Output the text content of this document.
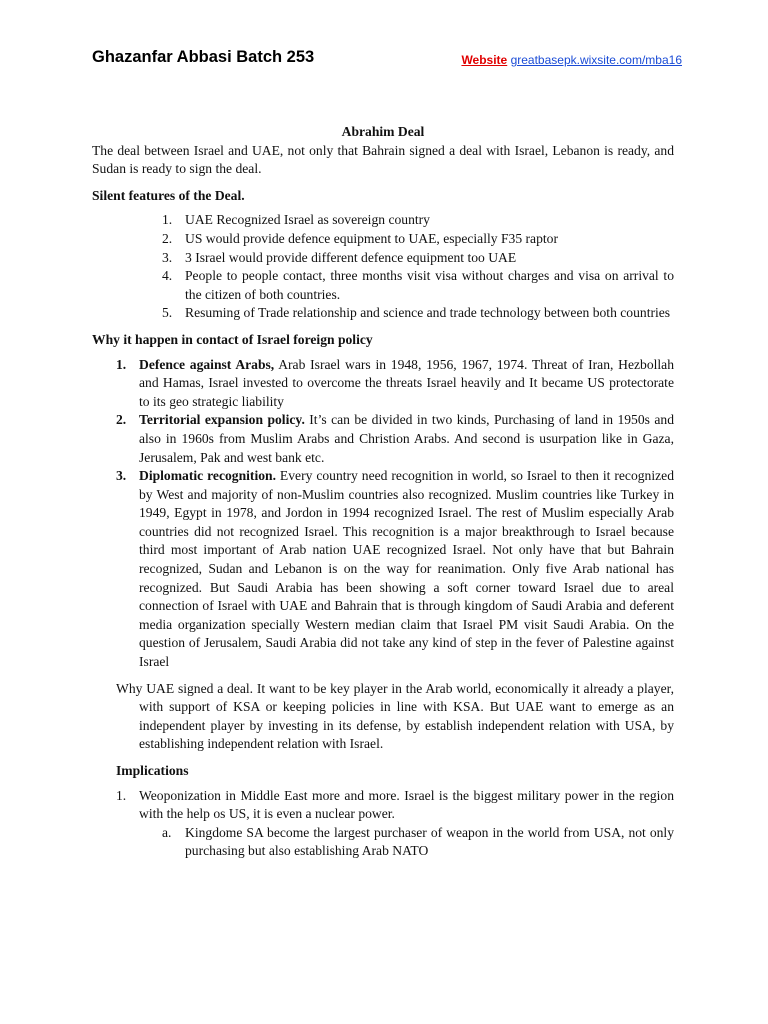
Ghazanfar Abbasi Batch 253	Website greatbasepk.wixsite.com/mba16

Abrahim Deal

The deal between Israel and UAE, not only that Bahrain signed a deal with Israel, Lebanon is ready, and Sudan is ready to sign the deal.

Silent features of the Deal.

1. UAE Recognized Israel as sovereign country
2. US would provide defence equipment to UAE, especially F35 raptor
3. 3 Israel would provide different defence equipment too UAE
4. People to people contact, three months visit visa without charges and visa on arrival to the citizen of both countries.
5. Resuming of Trade relationship and science and trade technology between both countries

Why it happen in contact of Israel foreign policy

1. Defence against Arabs, Arab Israel wars in 1948, 1956, 1967, 1974. Threat of Iran, Hezbollah and Hamas, Israel invested to overcome the threats Israel heavily and It became US protectorate to its geo strategic liability
2. Territorial expansion policy. It’s can be divided in two kinds, Purchasing of land in 1950s and also in 1960s from Muslim Arabs and Christion Arabs. And second is usurpation like in Gaza, Jerusalem, Pak and west bank etc.
3. Diplomatic recognition. Every country need recognition in world, so Israel to then it recognized by West and majority of non-Muslim countries also recognized. Muslim countries like Turkey in 1949, Egypt in 1978, and Jordon in 1994 recognized Israel. The rest of Muslim especially Arab countries did not recognized Israel. This recognition is a major breakthrough to Israel because third most important of Arab nation UAE recognized Israel. Not only have that but Bahrain recognized, Sudan and Lebanon is on the way for reanimation. Only five Arab national has recognized. But Saudi Arabia has been showing a soft corner toward Israel due to areal connection of Israel with UAE and Bahrain that is through kingdom of Saudi Arabia and deferent media organization specially Western median claim that Israel PM visit Saudi Arabia. On the question of Jerusalem, Saudi Arabia did not take any kind of step in the fever of Palestine against Israel

Why UAE signed a deal. It want to be key player in the Arab world, economically it already a player, with support of KSA or keeping policies in line with KSA. But UAE want to emerge as an independent player by investing in its defense, by establish independent relation with USA, by establishing independent relation with Israel.

Implications

1. Weoponization in Middle East more and more. Israel is the biggest military power in the region with the help os US, it is even a nuclear power.
a. Kingdome SA become the largest purchaser of weapon in the world from USA, not only purchasing but also establishing Arab NATO
